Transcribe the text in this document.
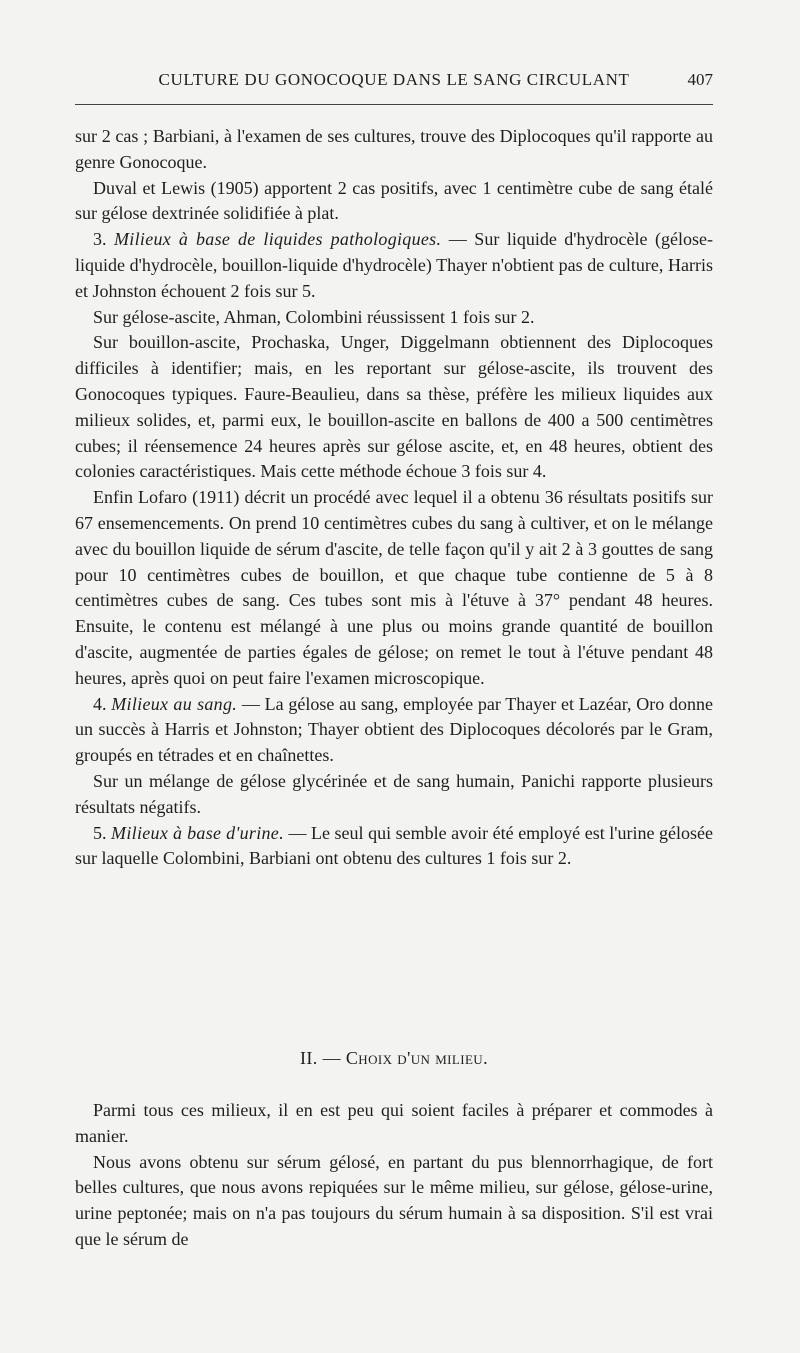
CULTURE DU GONOCOQUE DANS LE SANG CIRCULANT	407

sur 2 cas ; Barbiani, à l'examen de ses cultures, trouve des Diplocoques qu'il rapporte au genre Gonocoque.

Duval et Lewis (1905) apportent 2 cas positifs, avec 1 centimètre cube de sang étalé sur gélose dextrinée solidifiée à plat.

3. Milieux à base de liquides pathologiques. — Sur liquide d'hydrocèle (gélose-liquide d'hydrocèle, bouillon-liquide d'hydrocèle) Thayer n'obtient pas de culture, Harris et Johnston échouent 2 fois sur 5.

Sur gélose-ascite, Ahman, Colombini réussissent 1 fois sur 2.

Sur bouillon-ascite, Prochaska, Unger, Diggelmann obtiennent des Diplocoques difficiles à identifier; mais, en les reportant sur gélose-ascite, ils trouvent des Gonocoques typiques. Faure-Beaulieu, dans sa thèse, préfère les milieux liquides aux milieux solides, et, parmi eux, le bouillon-ascite en ballons de 400 a 500 centimètres cubes; il réensemence 24 heures après sur gélose ascite, et, en 48 heures, obtient des colonies caractéristiques. Mais cette méthode échoue 3 fois sur 4.

Enfin Lofaro (1911) décrit un procédé avec lequel il a obtenu 36 résultats positifs sur 67 ensemencements. On prend 10 centimètres cubes du sang à cultiver, et on le mélange avec du bouillon liquide de sérum d'ascite, de telle façon qu'il y ait 2 à 3 gouttes de sang pour 10 centimètres cubes de bouillon, et que chaque tube contienne de 5 à 8 centimètres cubes de sang. Ces tubes sont mis à l'étuve à 37° pendant 48 heures. Ensuite, le contenu est mélangé à une plus ou moins grande quantité de bouillon d'ascite, augmentée de parties égales de gélose; on remet le tout à l'étuve pendant 48 heures, après quoi on peut faire l'examen microscopique.

4. Milieux au sang. — La gélose au sang, employée par Thayer et Lazéar, Oro donne un succès à Harris et Johnston; Thayer obtient des Diplocoques décolorés par le Gram, groupés en tétrades et en chaînettes.

Sur un mélange de gélose glycérinée et de sang humain, Panichi rapporte plusieurs résultats négatifs.

5. Milieux à base d'urine. — Le seul qui semble avoir été employé est l'urine gélosée sur laquelle Colombini, Barbiani ont obtenu des cultures 1 fois sur 2.

II. — Choix d'un milieu.

Parmi tous ces milieux, il en est peu qui soient faciles à préparer et commodes à manier.

Nous avons obtenu sur sérum gélosé, en partant du pus blennorrhagique, de fort belles cultures, que nous avons repiquées sur le même milieu, sur gélose, gélose-urine, urine peptonée; mais on n'a pas toujours du sérum humain à sa disposition. S'il est vrai que le sérum de
